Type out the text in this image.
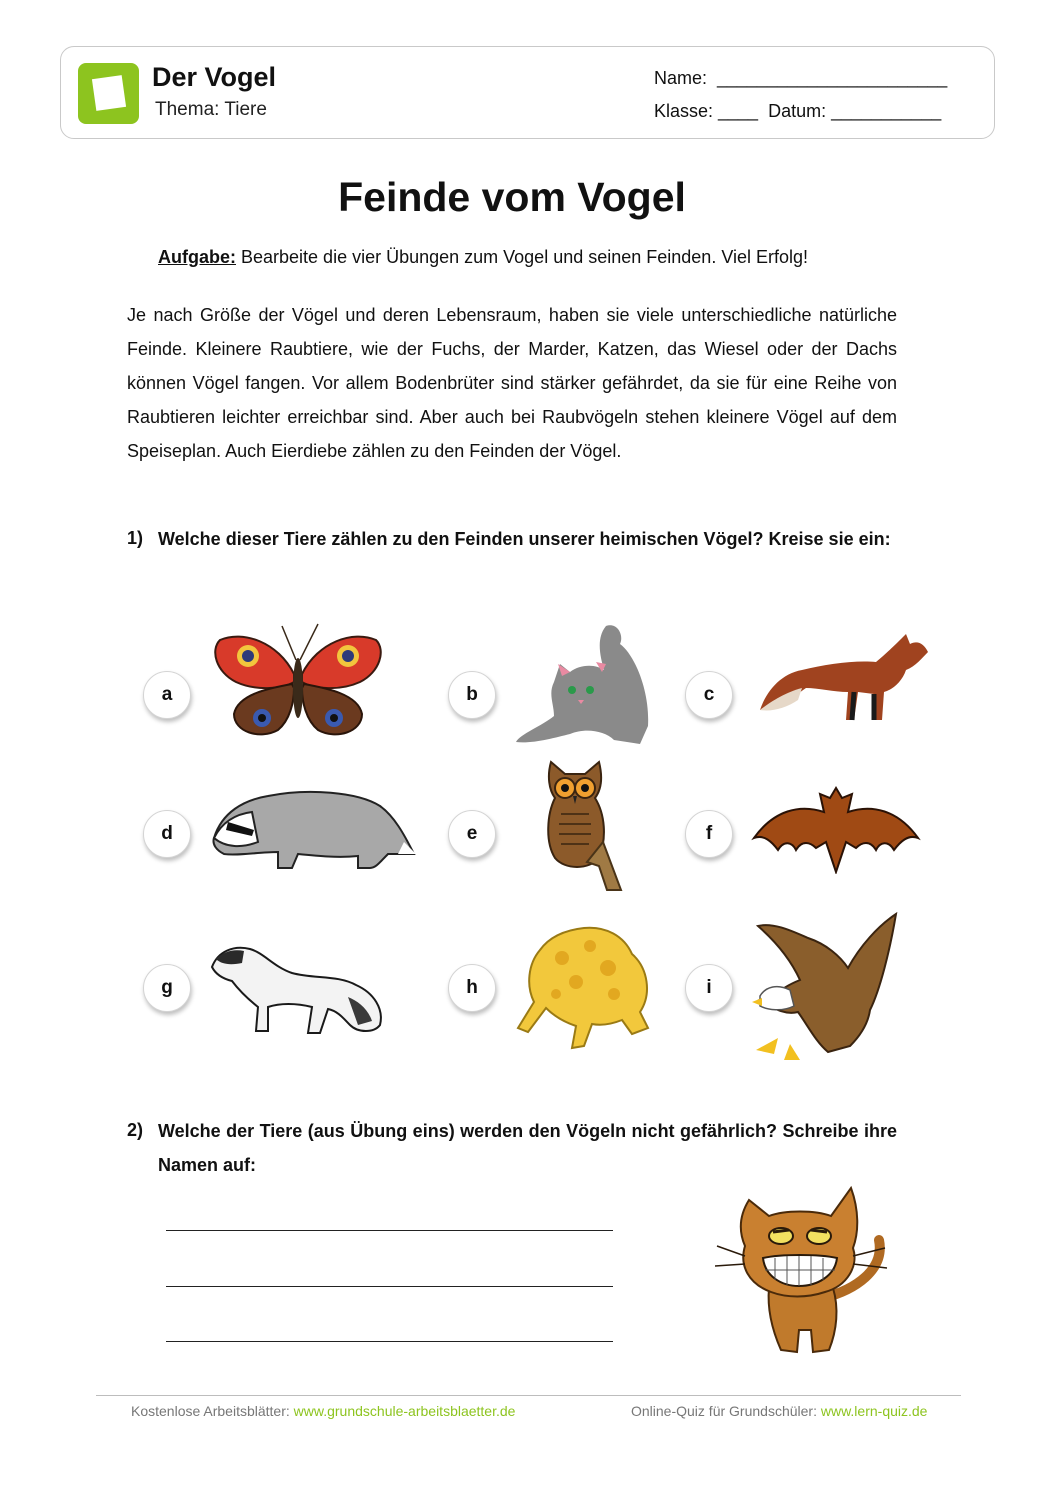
Der Vogel
Thema: Tiere
Name:  _______________________
Klasse: ____  Datum: ___________
Feinde vom Vogel
Aufgabe: Bearbeite die vier Übungen zum Vogel und seinen Feinden. Viel Erfolg!
Je nach Größe der Vögel und deren Lebensraum, haben sie viele unterschiedliche natürliche Feinde. Kleinere Raubtiere, wie der Fuchs, der Marder, Katzen, das Wiesel oder der Dachs können Vögel fangen. Vor allem Bodenbrüter sind stärker gefährdet, da sie für eine Reihe von Raubtieren leichter erreichbar sind. Aber auch bei Raubvögeln stehen kleinere Vögel auf dem Speiseplan. Auch Eierdiebe zählen zu den Feinden der Vögel.
1) Welche dieser Tiere zählen zu den Feinden unserer heimischen Vögel? Kreise sie ein:
a	b	c
d	e	f
g	h	i
2) Welche der Tiere (aus Übung eins) werden den Vögeln nicht gefährlich? Schreibe ihre Namen auf:
Kostenlose Arbeitsblätter: www.grundschule-arbeitsblaetter.de	Online-Quiz für Grundschüler: www.lern-quiz.de
